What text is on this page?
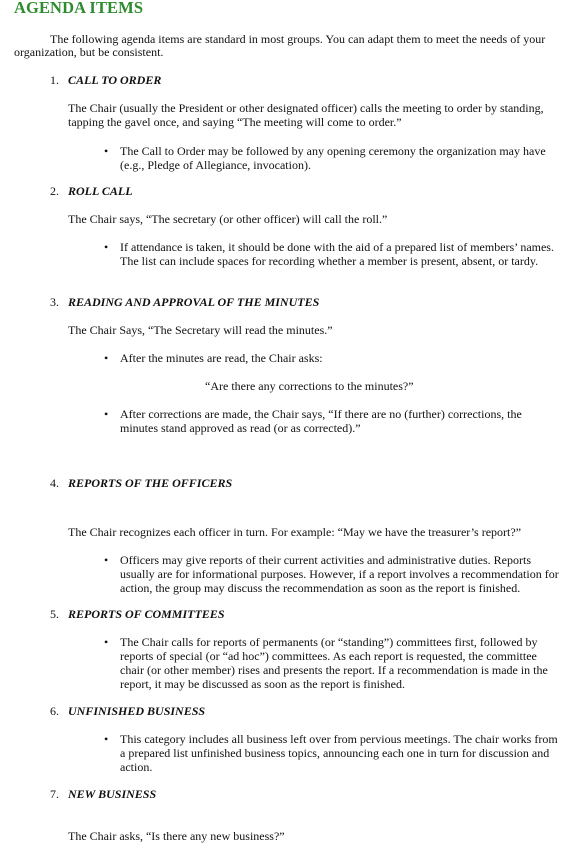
AGENDA ITEMS
The following agenda items are standard in most groups. You can adapt them to meet the needs of your organization, but be consistent.
1. CALL TO ORDER
The Chair (usually the President or other designated officer) calls the meeting to order by standing, tapping the gavel once, and saying “The meeting will come to order.”
• The Call to Order may be followed by any opening ceremony the organization may have (e.g., Pledge of Allegiance, invocation).
2. ROLL CALL
The Chair says, “The secretary (or other officer) will call the roll.”
• If attendance is taken, it should be done with the aid of a prepared list of members’ names. The list can include spaces for recording whether a member is present, absent, or tardy.
3. READING AND APPROVAL OF THE MINUTES
The Chair Says, “The Secretary will read the minutes.”
• After the minutes are read, the Chair asks:
“Are there any corrections to the minutes?”
• After corrections are made, the Chair says, “If there are no (further) corrections, the minutes stand approved as read (or as corrected).”
4. REPORTS OF THE OFFICERS
The Chair recognizes each officer in turn. For example: “May we have the treasurer’s report?”
• Officers may give reports of their current activities and administrative duties. Reports usually are for informational purposes. However, if a report involves a recommendation for action, the group may discuss the recommendation as soon as the report is finished.
5. REPORTS OF COMMITTEES
• The Chair calls for reports of permanents (or “standing”) committees first, followed by reports of special (or “ad hoc”) committees. As each report is requested, the committee chair (or other member) rises and presents the report. If a recommendation is made in the report, it may be discussed as soon as the report is finished.
6. UNFINISHED BUSINESS
• This category includes all business left over from pervious meetings. The chair works from a prepared list unfinished business topics, announcing each one in turn for discussion and action.
7. NEW BUSINESS
The Chair asks, “Is there any new business?”
